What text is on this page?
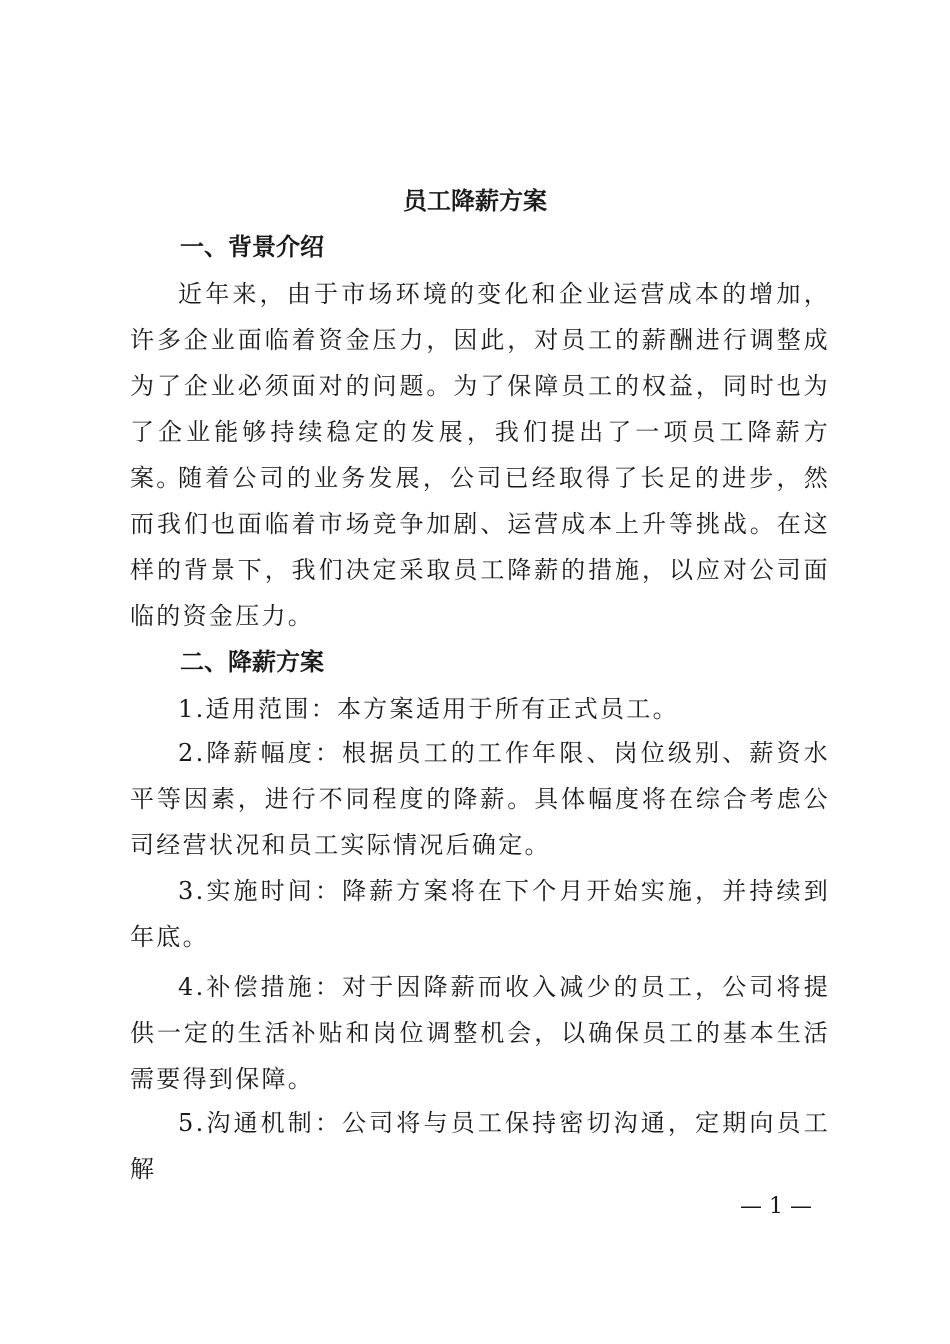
员工降薪方案
一、背景介绍

近年来，由于市场环境的变化和企业运营成本的增加，许多企业面临着资金压力，因此，对员工的薪酬进行调整成为了企业必须面对的问题。为了保障员工的权益，同时也为了企业能够持续稳定的发展，我们提出了一项员工降薪方案。

随着公司的业务发展，公司已经取得了长足的进步，然而我们也面临着市场竞争加剧、运营成本上升等挑战。在这样的背景下，我们决定采取员工降薪的措施，以应对公司面临的资金压力。

二、降薪方案

1.适用范围：本方案适用于所有正式员工。

2.降薪幅度：根据员工的工作年限、岗位级别、薪资水平等因素，进行不同程度的降薪。具体幅度将在综合考虑公司经营状况和员工实际情况后确定。

3.实施时间：降薪方案将在下个月开始实施，并持续到年底。

4.补偿措施：对于因降薪而收入减少的员工，公司将提供一定的生活补贴和岗位调整机会，以确保员工的基本生活需要得到保障。

5.沟通机制：公司将与员工保持密切沟通，定期向员工解

— 1 —
